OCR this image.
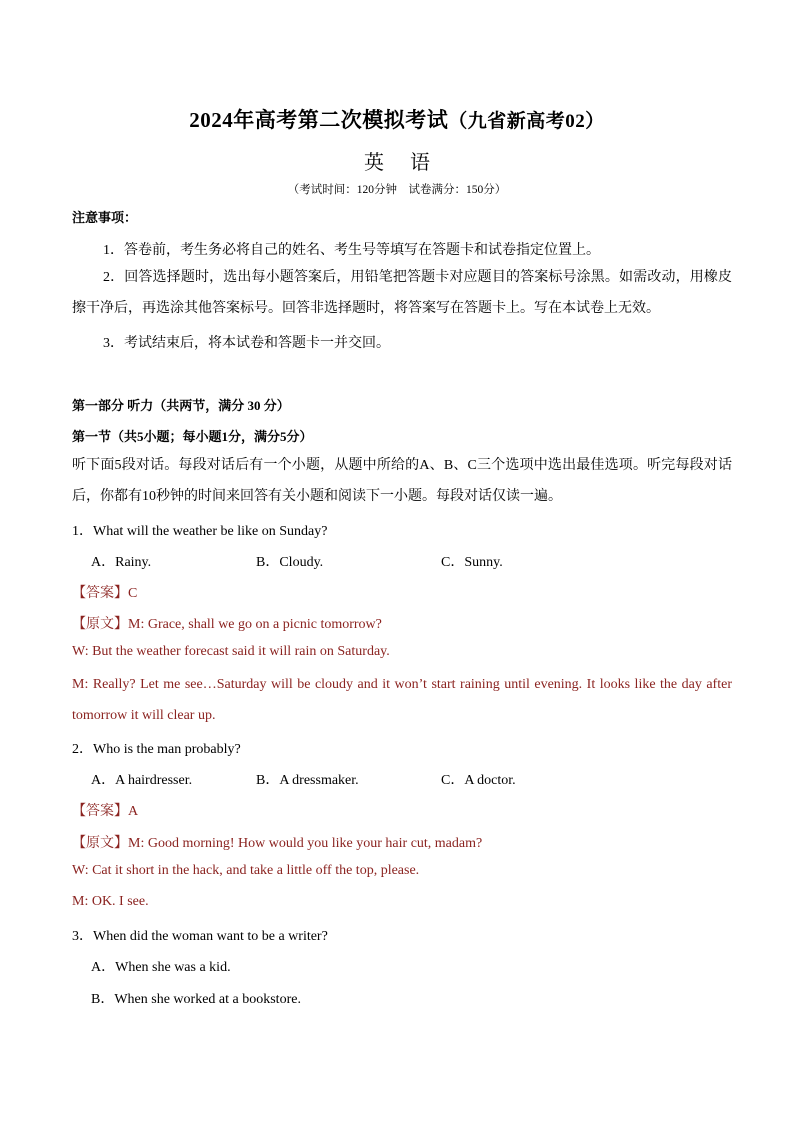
2024年高考第二次模拟考试（九省新高考02）
英语
（考试时间：120分钟　试卷满分：150分）
注意事项：
1．答卷前，考生务必将自己的姓名、考生号等填写在答题卡和试卷指定位置上。
2．回答选择题时，选出每小题答案后，用铅笔把答题卡对应题目的答案标号涂黑。如需改动，用橡皮擦干净后，再选涂其他答案标号。回答非选择题时，将答案写在答题卡上。写在本试卷上无效。
3．考试结束后，将本试卷和答题卡一并交回。
第一部分 听力（共两节，满分 30 分）
第一节（共5小题；每小题1分，满分5分）
听下面5段对话。每段对话后有一个小题，从题中所给的A、B、C三个选项中选出最佳选项。听完每段对话后，你都有10秒钟的时间来回答有关小题和阅读下一小题。每段对话仅读一遍。
1．What will the weather be like on Sunday?
A．Rainy.	B．Cloudy.	C．Sunny.
【答案】C
【原文】M: Grace, shall we go on a picnic tomorrow?
W: But the weather forecast said it will rain on Saturday.
M: Really? Let me see…Saturday will be cloudy and it won’t start raining until evening. It looks like the day after tomorrow it will clear up.
2．Who is the man probably?
A．A hairdresser.	B．A dressmaker.	C．A doctor.
【答案】A
【原文】M: Good morning! How would you like your hair cut, madam?
W: Cat it short in the hack, and take a little off the top, please.
M: OK. I see.
3．When did the woman want to be a writer?
A．When she was a kid.
B．When she worked at a bookstore.
